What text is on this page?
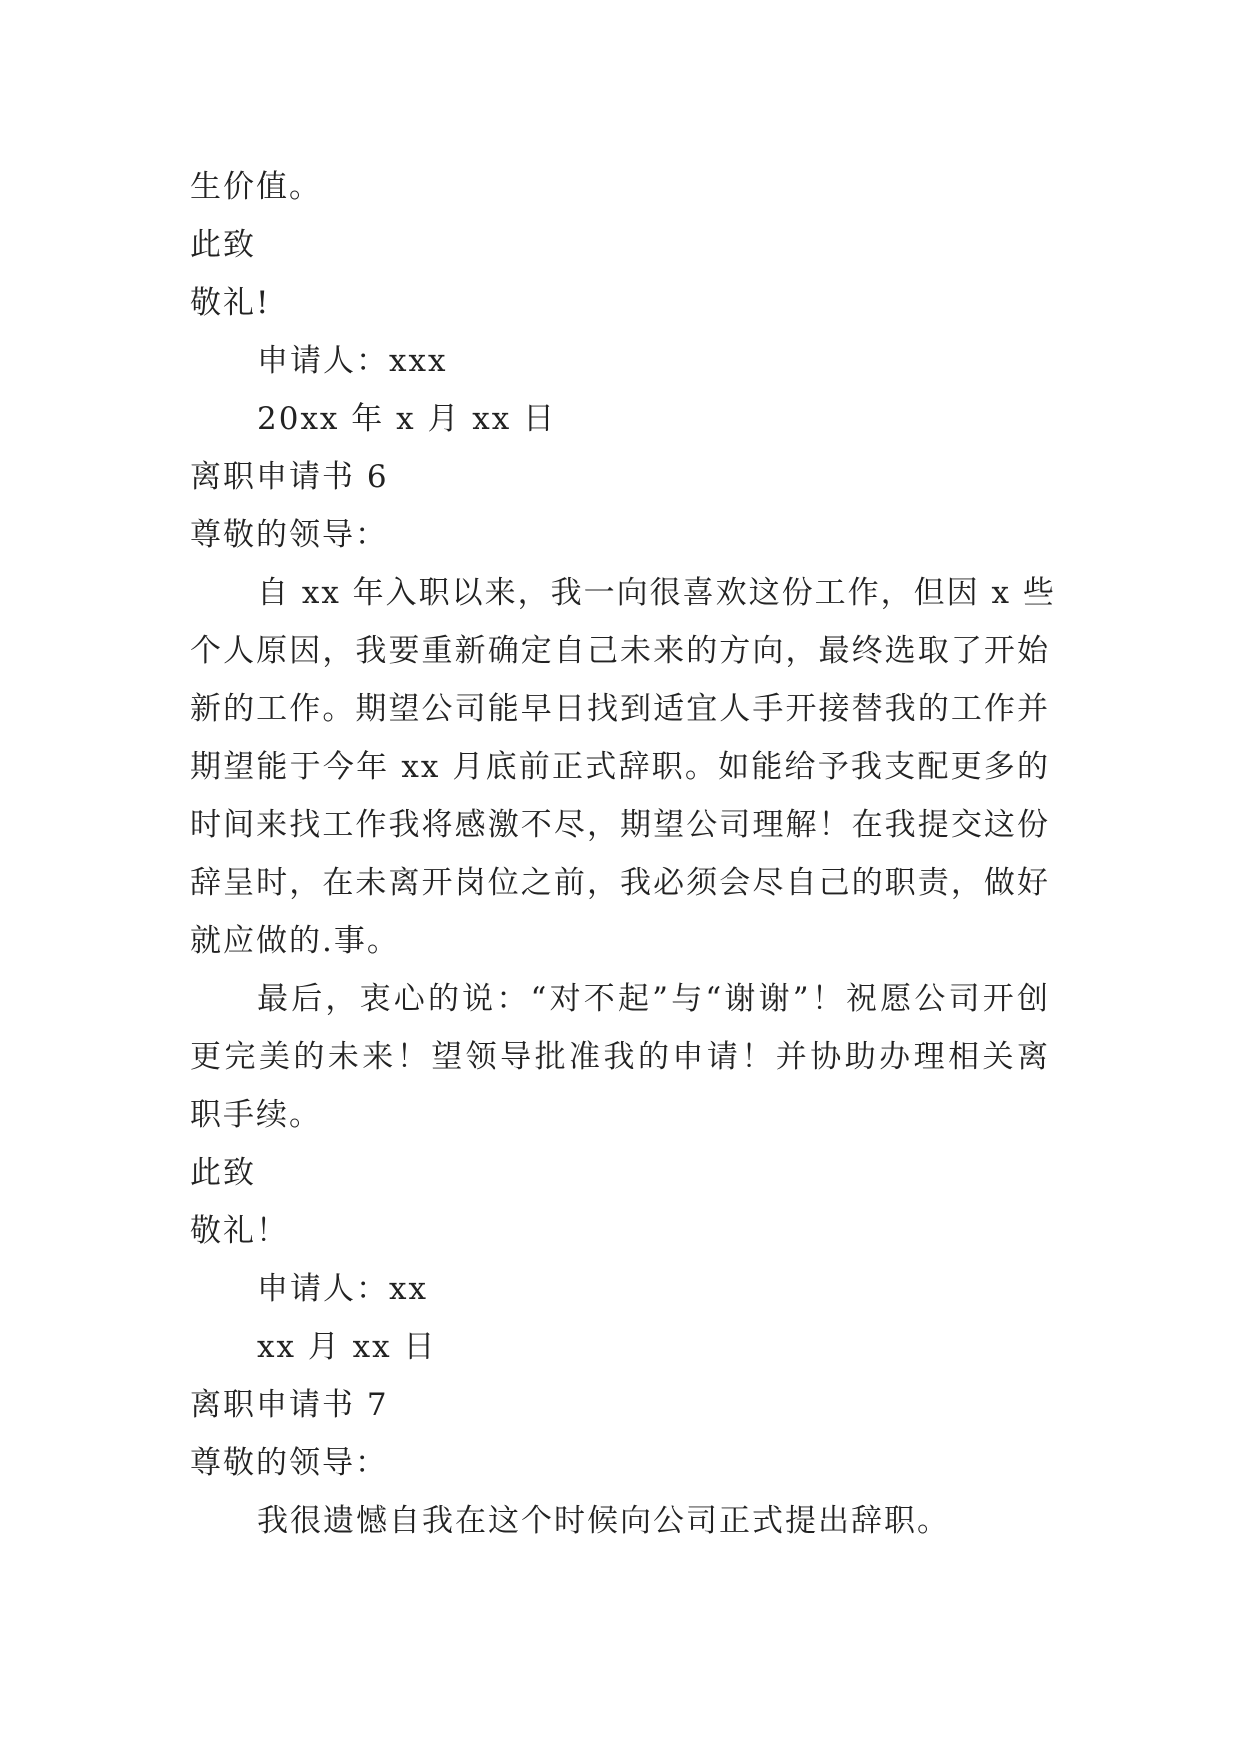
生价值。
此致
敬礼!
申请人：xxx
20xx 年 x 月 xx 日
离职申请书 6
尊敬的领导：
自 xx 年入职以来，我一向很喜欢这份工作，但因 x 些
个人原因，我要重新确定自己未来的方向，最终选取了开始
新的工作。期望公司能早日找到适宜人手开接替我的工作并
期望能于今年 xx 月底前正式辞职。如能给予我支配更多的
时间来找工作我将感激不尽，期望公司理解！在我提交这份
辞呈时，在未离开岗位之前，我必须会尽自己的职责，做好
就应做的.事。
最后，衷心的说：“对不起”与“谢谢”！祝愿公司开创
更完美的未来！望领导批准我的申请！并协助办理相关离
职手续。
此致
敬礼！
申请人：xx
xx 月 xx 日
离职申请书 7
尊敬的领导：
我很遗憾自我在这个时候向公司正式提出辞职。
